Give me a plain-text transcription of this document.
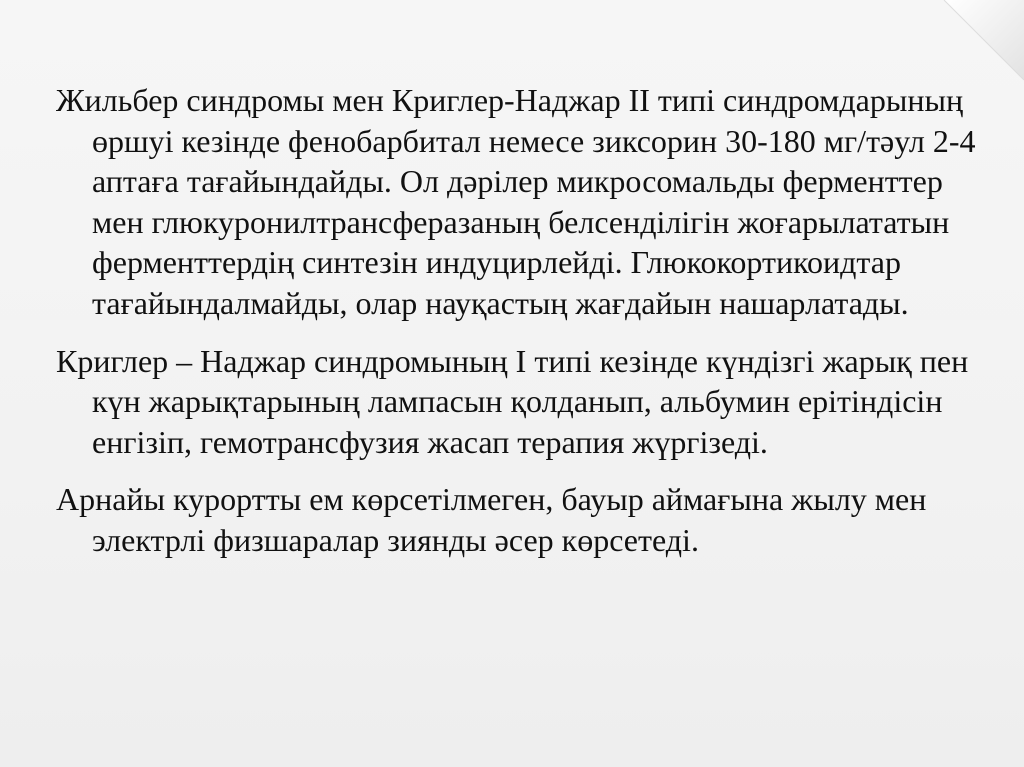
Жильбер синдромы мен Криглер-Наджар II типі синдромдарының өршуі кезінде фенобарбитал немесе зиксорин 30-180 мг/тәул 2-4 аптаға тағайындайды. Ол дәрілер микросомальды ферменттер мен глюкуронилтрансферазаның белсенділігін жоғарылататын ферменттердің синтезін индуцирлейді. Глюкокортикоидтар тағайындалмайды, олар науқастың жағдайын нашарлатады.

Криглер – Наджар синдромының I типі кезінде күндізгі жарық пен күн жарықтарының лампасын қолданып, альбумин ерітіндісін енгізіп, гемотрансфузия жасап терапия жүргізеді.

Арнайы курортты ем көрсетілмеген, бауыр аймағына жылу мен электрлі физшаралар зиянды әсер көрсетеді.
